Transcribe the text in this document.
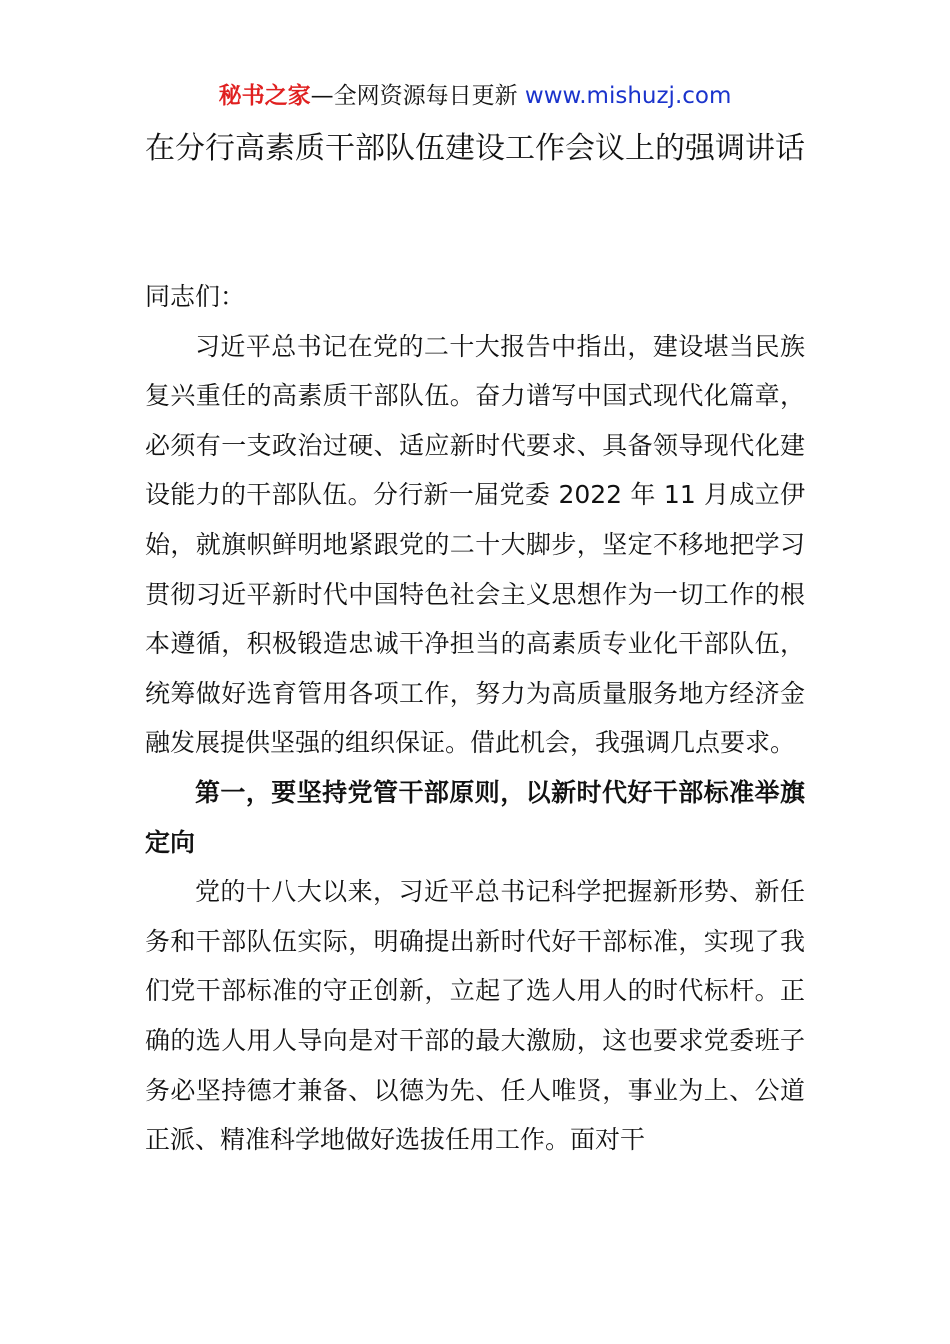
秘书之家—全网资源每日更新 www.mishuzj.com
在分行高素质干部队伍建设工作会议上的强调讲话

同志们：

习近平总书记在党的二十大报告中指出，建设堪当民族复兴重任的高素质干部队伍。奋力谱写中国式现代化篇章，必须有一支政治过硬、适应新时代要求、具备领导现代化建设能力的干部队伍。分行新一届党委 2022 年 11 月成立伊始，就旗帜鲜明地紧跟党的二十大脚步，坚定不移地把学习贯彻习近平新时代中国特色社会主义思想作为一切工作的根本遵循，积极锻造忠诚干净担当的高素质专业化干部队伍，统筹做好选育管用各项工作，努力为高质量服务地方经济金融发展提供坚强的组织保证。借此机会，我强调几点要求。

第一，要坚持党管干部原则，以新时代好干部标准举旗定向

党的十八大以来，习近平总书记科学把握新形势、新任务和干部队伍实际，明确提出新时代好干部标准，实现了我们党干部标准的守正创新，立起了选人用人的时代标杆。正确的选人用人导向是对干部的最大激励，这也要求党委班子务必坚持德才兼备、以德为先、任人唯贤，事业为上、公道正派、精准科学地做好选拔任用工作。面对干
